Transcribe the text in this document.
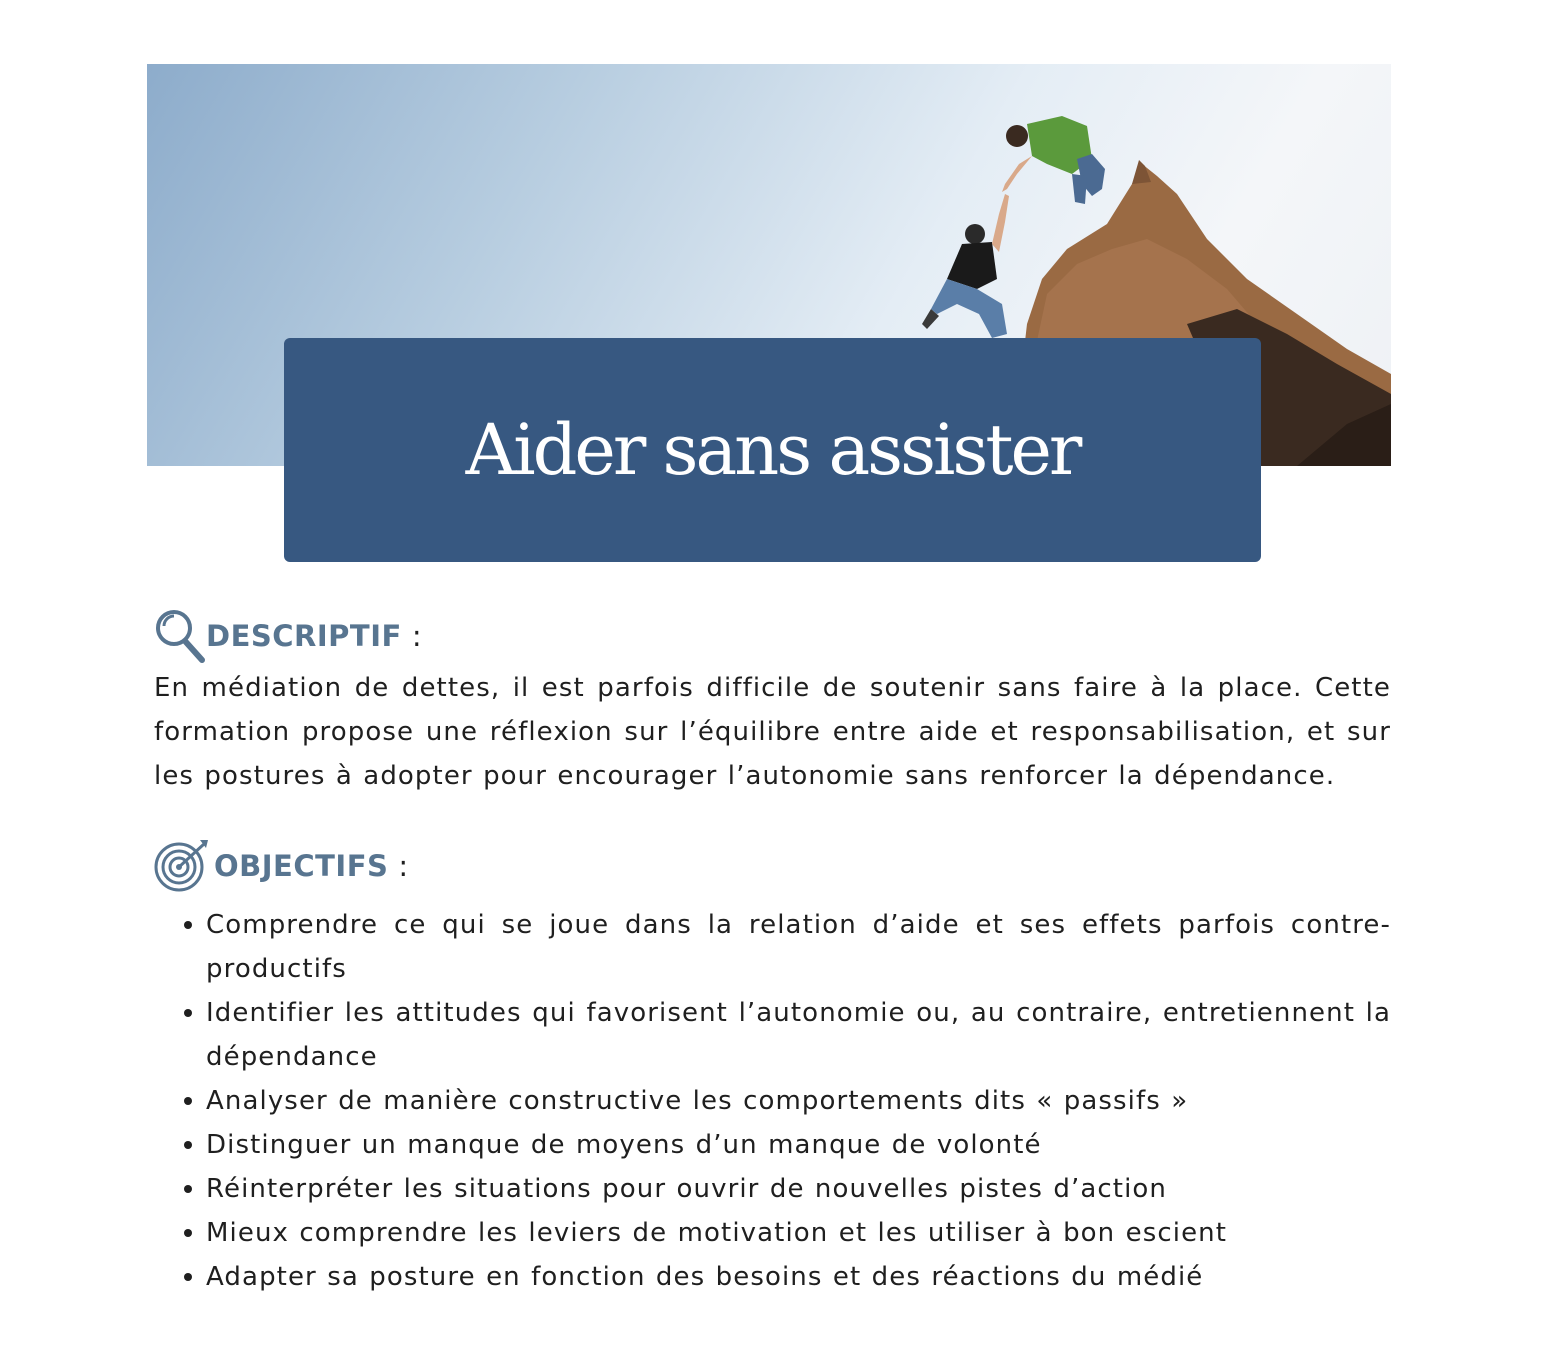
Aider sans assister
DESCRIPTIF :

En médiation de dettes, il est parfois difficile de soutenir sans faire à la place. Cette formation propose une réflexion sur l’équilibre entre aide et responsabilisation, et sur les postures à adopter pour encourager l’autonomie sans renforcer la dépendance.

OBJECTIFS :
Comprendre ce qui se joue dans la relation d’aide et ses effets parfois contre-productifs
Identifier les attitudes qui favorisent l’autonomie ou, au contraire, entretiennent la dépendance
Analyser de manière constructive les comportements dits « passifs »
Distinguer un manque de moyens d’un manque de volonté
Réinterpréter les situations pour ouvrir de nouvelles pistes d’action
Mieux comprendre les leviers de motivation et les utiliser à bon escient
Adapter sa posture en fonction des besoins et des réactions du médié
